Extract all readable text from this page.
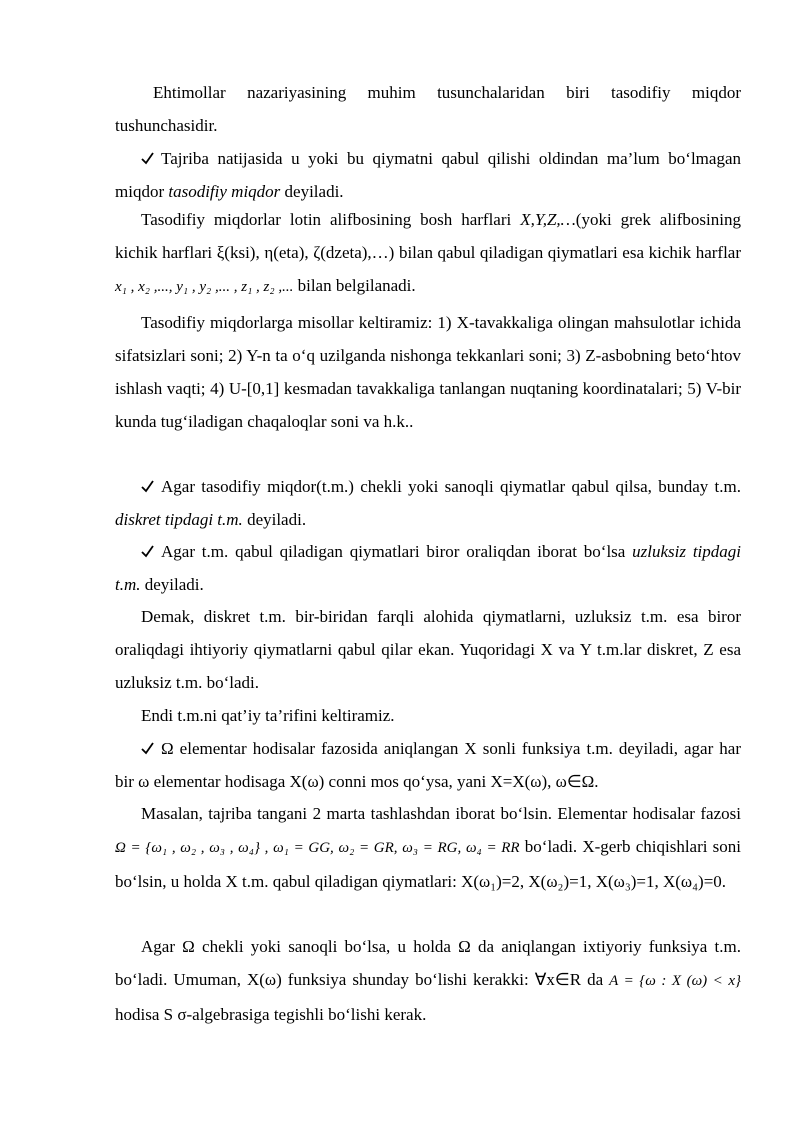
Ehtimollar nazariyasining muhim tusunchalaridan biri tasodifiy miqdor tushunchasidir.

Tajriba natijasida u yoki bu qiymatni qabul qilishi oldindan ma’lum bo‘lmagan miqdor tasodifiy miqdor deyiladi.

Tasodifiy miqdorlar lotin alifbosining bosh harflari X,Y,Z,…(yoki grek alifbosining kichik harflari ξ(ksi), η(eta), ζ(dzeta),…) bilan qabul qiladigan qiymatlari esa kichik harflar x₁ , x₂ ,..., y₁ , y₂ ,... , z₁ , z₂ ,... bilan belgilanadi.

Tasodifiy miqdorlarga misollar keltiramiz: 1) X-tavakkaliga olingan mahsulotlar ichida sifatsizlari soni; 2) Y-n ta o‘q uzilganda nishonga tekkanlari soni; 3) Z-asbobning beto‘htov ishlash vaqti; 4) U-[0,1] kesmadan tavakkaliga tanlangan nuqtaning koordinatalari; 5) V-bir kunda tug‘iladigan chaqaloqlar soni va h.k..

Agar tasodifiy miqdor(t.m.) chekli yoki sanoqli qiymatlar qabul qilsa, bunday t.m. diskret tipdagi t.m. deyiladi.

Agar t.m. qabul qiladigan qiymatlari biror oraliqdan iborat bo‘lsa uzluksiz tipdagi t.m. deyiladi.

Demak, diskret t.m. bir-biridan farqli alohida qiymatlarni, uzluksiz t.m. esa biror oraliqdagi ihtiyoriy qiymatlarni qabul qilar ekan. Yuqoridagi X va Y t.m.lar diskret, Z esa uzluksiz t.m. bo‘ladi.

Endi t.m.ni qat’iy ta’rifini keltiramiz.

Ω elementar hodisalar fazosida aniqlangan X sonli funksiya t.m. deyiladi, agar har bir ω elementar hodisaga X(ω) conni mos qo‘ysa, yani X=X(ω), ω∈Ω.

Masalan, tajriba tangani 2 marta tashlashdan iborat bo‘lsin. Elementar hodisalar fazosi Ω = {ω₁ , ω₂ , ω₃ , ω₄} , ω₁ = GG, ω₂ = GR, ω₃ = RG, ω₄ = RR bo‘ladi. X-gerb chiqishlari soni bo‘lsin, u holda X t.m. qabul qiladigan qiymatlari: X(ω₁)=2, X(ω₂)=1, X(ω₃)=1, X(ω₄)=0.

Agar Ω chekli yoki sanoqli bo‘lsa, u holda Ω da aniqlangan ixtiyoriy funksiya t.m. bo‘ladi. Umuman, X(ω) funksiya shunday bo‘lishi kerakki: ∀x∈R da A = {ω : X (ω) < x} hodisa S σ-algebrasiga tegishli bo‘lishi kerak.
